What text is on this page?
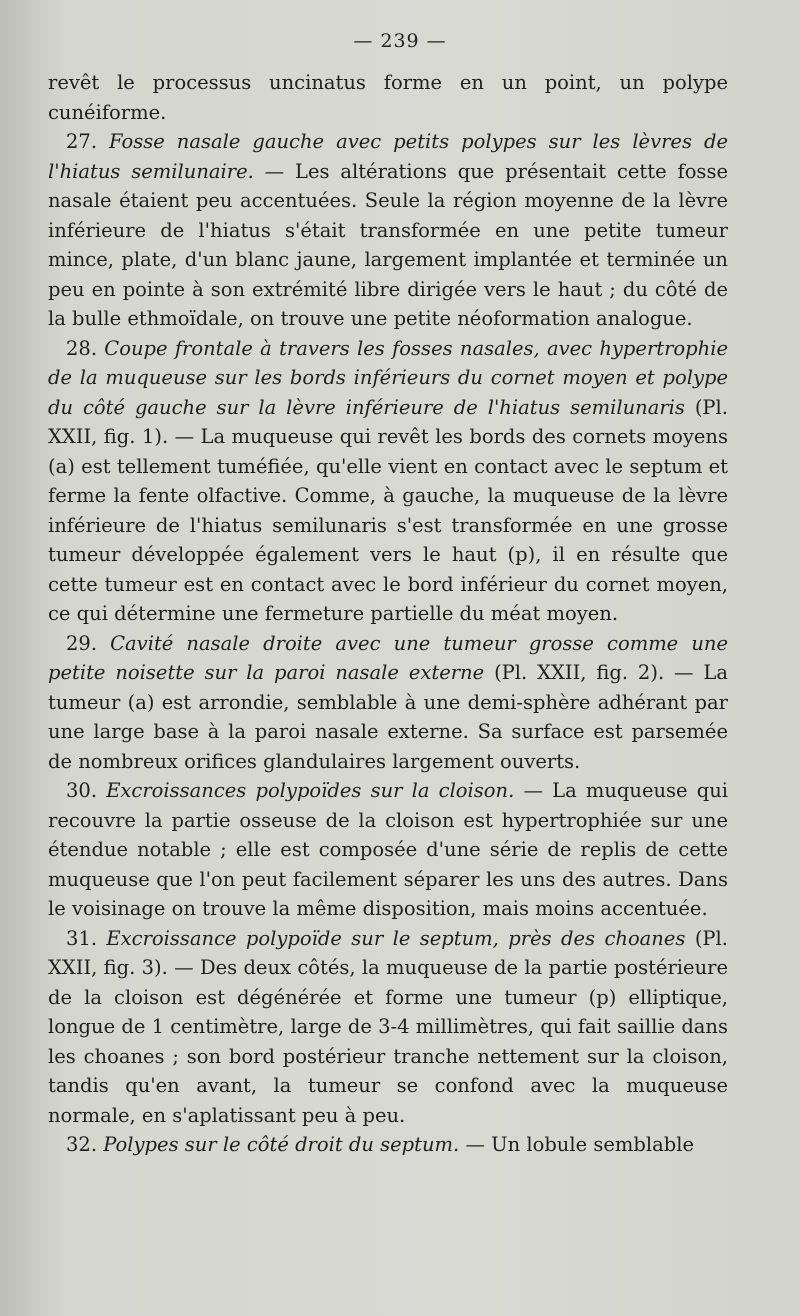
— 239 —

revêt le processus uncinatus forme en un point, un polype cunéiforme.

27. Fosse nasale gauche avec petits polypes sur les lèvres de l'hiatus semilunaire. — Les altérations que présentait cette fosse nasale étaient peu accentuées. Seule la région moyenne de la lèvre inférieure de l'hiatus s'était transformée en une petite tumeur mince, plate, d'un blanc jaune, largement implantée et terminée un peu en pointe à son extrémité libre dirigée vers le haut ; du côté de la bulle ethmoïdale, on trouve une petite néoformation analogue.

28. Coupe frontale à travers les fosses nasales, avec hypertrophie de la muqueuse sur les bords inférieurs du cornet moyen et polype du côté gauche sur la lèvre inférieure de l'hiatus semilunaris (Pl. XXII, fig. 1). — La muqueuse qui revêt les bords des cornets moyens (a) est tellement tuméfiée, qu'elle vient en contact avec le septum et ferme la fente olfactive. Comme, à gauche, la muqueuse de la lèvre inférieure de l'hiatus semilunaris s'est transformée en une grosse tumeur développée également vers le haut (p), il en résulte que cette tumeur est en contact avec le bord inférieur du cornet moyen, ce qui détermine une fermeture partielle du méat moyen.

29. Cavité nasale droite avec une tumeur grosse comme une petite noisette sur la paroi nasale externe (Pl. XXII, fig. 2). — La tumeur (a) est arrondie, semblable à une demi-sphère adhérant par une large base à la paroi nasale externe. Sa surface est parsemée de nombreux orifices glandulaires largement ouverts.

30. Excroissances polypoïdes sur la cloison. — La muqueuse qui recouvre la partie osseuse de la cloison est hypertrophiée sur une étendue notable ; elle est composée d'une série de replis de cette muqueuse que l'on peut facilement séparer les uns des autres. Dans le voisinage on trouve la même disposition, mais moins accentuée.

31. Excroissance polypoïde sur le septum, près des choanes (Pl. XXII, fig. 3). — Des deux côtés, la muqueuse de la partie postérieure de la cloison est dégénérée et forme une tumeur (p) elliptique, longue de 1 centimètre, large de 3-4 millimètres, qui fait saillie dans les choanes ; son bord postérieur tranche nettement sur la cloison, tandis qu'en avant, la tumeur se confond avec la muqueuse normale, en s'aplatissant peu à peu.

32. Polypes sur le côté droit du septum. — Un lobule semblable
